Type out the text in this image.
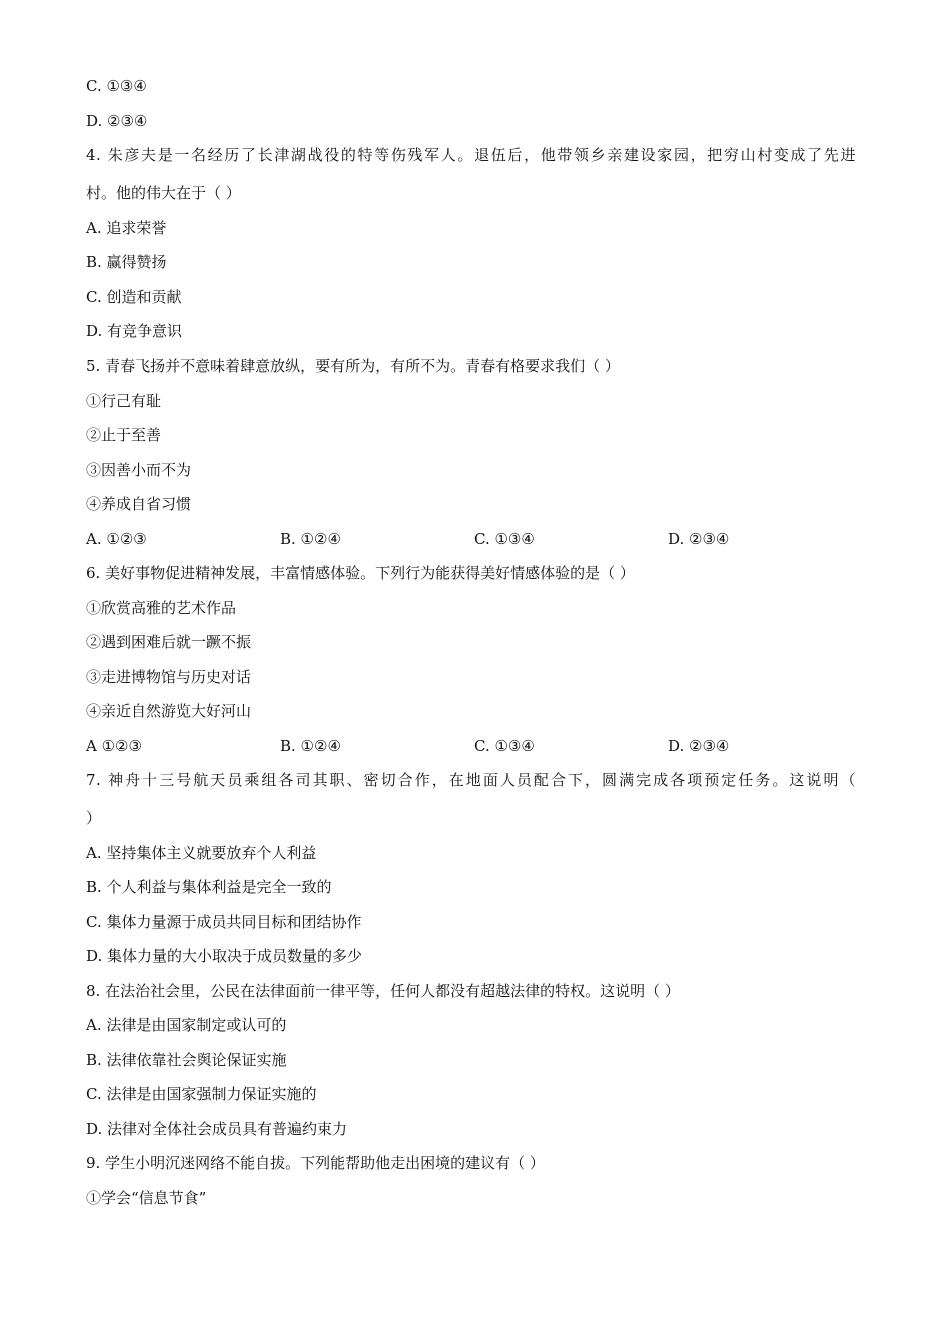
C. ①③④
D. ②③④
4. 朱彦夫是一名经历了长津湖战役的特等伤残军人。退伍后，他带领乡亲建设家园，把穷山村变成了先进
村。他的伟大在于（ ）
A. 追求荣誉
B. 赢得赞扬
C. 创造和贡献
D. 有竞争意识
5. 青春飞扬并不意味着肆意放纵，要有所为，有所不为。青春有格要求我们（ ）
①行己有耻
②止于至善
③因善小而不为
④养成自省习惯
A. ①②③	B. ①②④	C. ①③④	D. ②③④
6. 美好事物促进精神发展，丰富情感体验。下列行为能获得美好情感体验的是（ ）
①欣赏高雅的艺术作品
②遇到困难后就一蹶不振
③走进博物馆与历史对话
④亲近自然游览大好河山
A ①②③	B. ①②④	C. ①③④	D. ②③④
7. 神舟十三号航天员乘组各司其职、密切合作，在地面人员配合下，圆满完成各项预定任务。这说明（
）
A. 坚持集体主义就要放弃个人利益
B. 个人利益与集体利益是完全一致的
C. 集体力量源于成员共同目标和团结协作
D. 集体力量的大小取决于成员数量的多少
8. 在法治社会里，公民在法律面前一律平等，任何人都没有超越法律的特权。这说明（ ）
A. 法律是由国家制定或认可的
B. 法律依靠社会舆论保证实施
C. 法律是由国家强制力保证实施的
D. 法律对全体社会成员具有普遍约束力
9. 学生小明沉迷网络不能自拔。下列能帮助他走出困境的建议有（ ）
①学会“信息节食”
